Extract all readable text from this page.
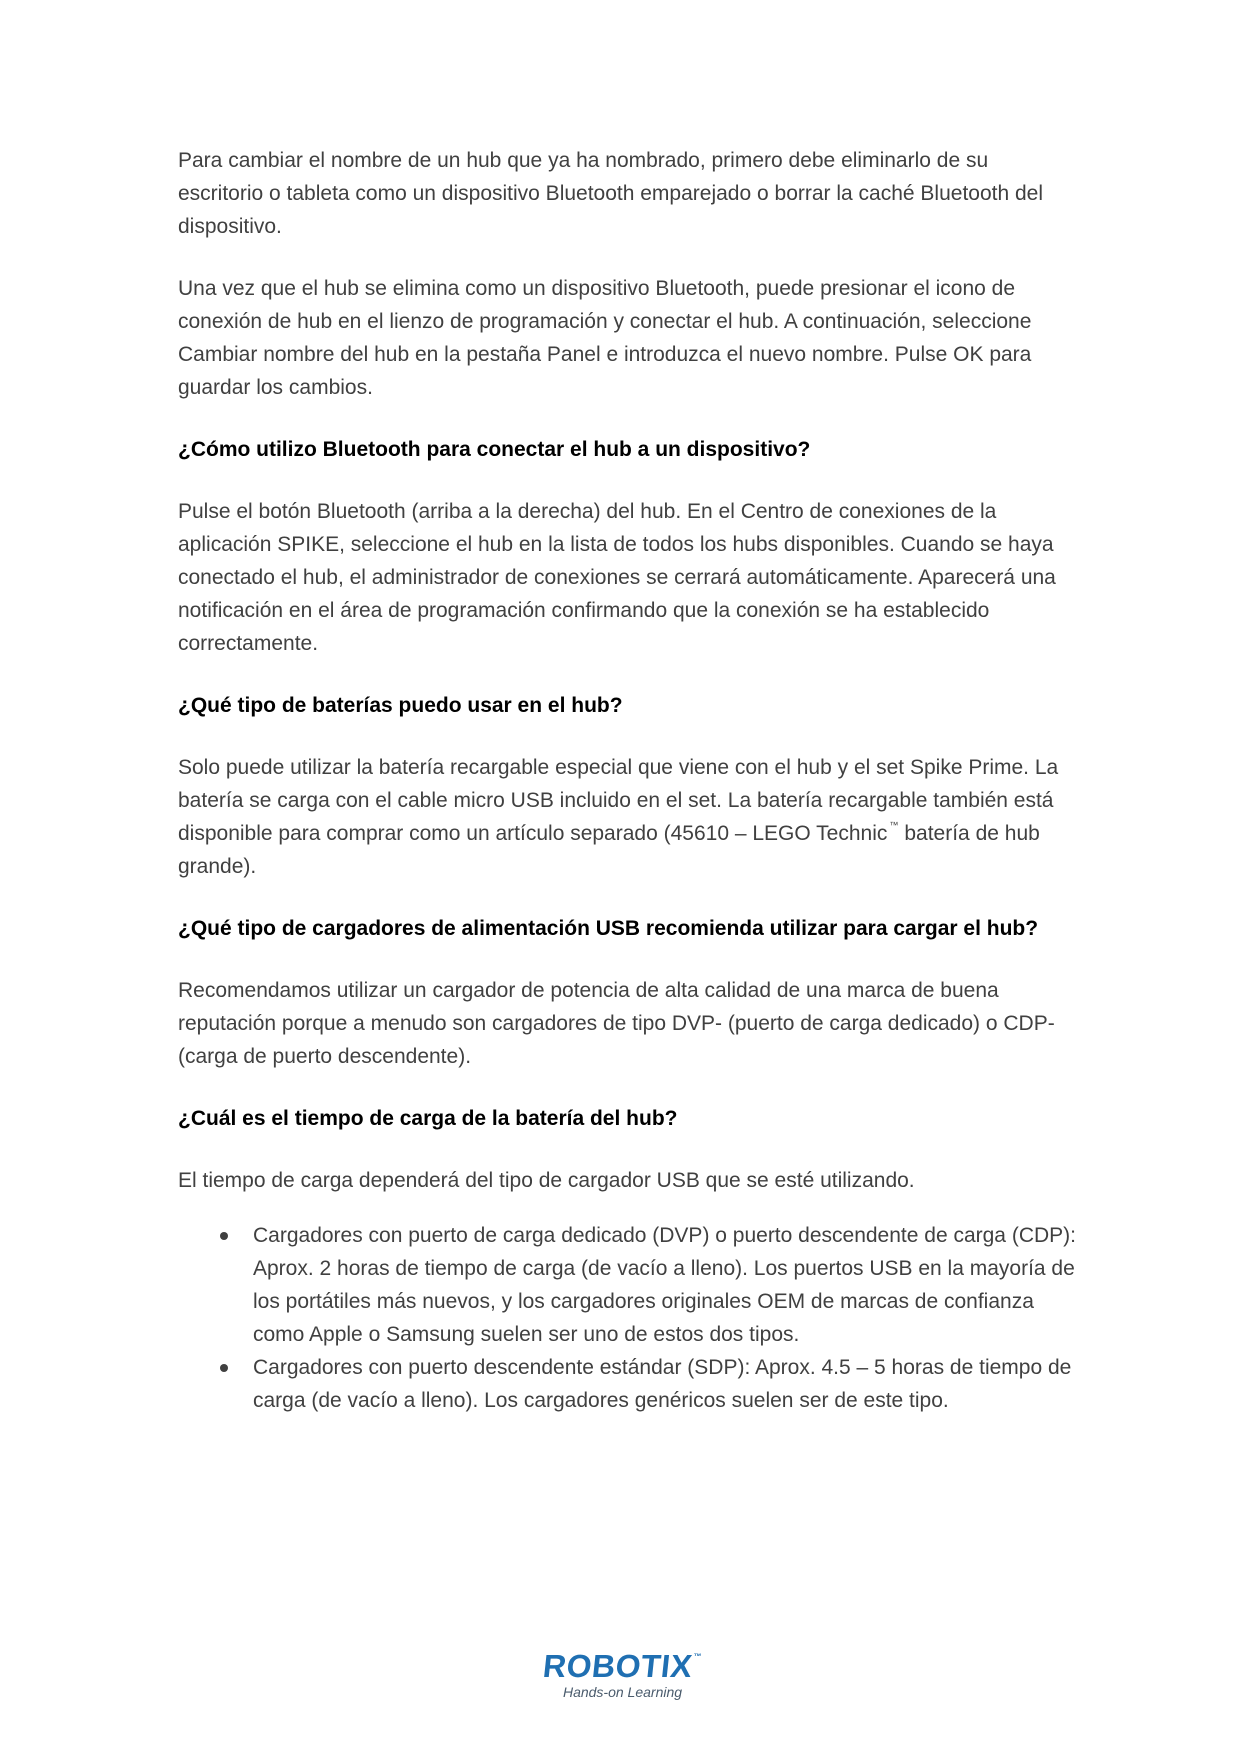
Para cambiar el nombre de un hub que ya ha nombrado, primero debe eliminarlo de su escritorio o tableta como un dispositivo Bluetooth emparejado o borrar la caché Bluetooth del dispositivo.

Una vez que el hub se elimina como un dispositivo Bluetooth, puede presionar el icono de conexión de hub en el lienzo de programación y conectar el hub. A continuación, seleccione Cambiar nombre del hub en la pestaña Panel e introduzca el nuevo nombre. Pulse OK para guardar los cambios.

¿Cómo utilizo Bluetooth para conectar el hub a un dispositivo?

Pulse el botón Bluetooth (arriba a la derecha) del hub. En el Centro de conexiones de la aplicación SPIKE, seleccione el hub en la lista de todos los hubs disponibles. Cuando se haya conectado el hub, el administrador de conexiones se cerrará automáticamente. Aparecerá una notificación en el área de programación confirmando que la conexión se ha establecido correctamente.

¿Qué tipo de baterías puedo usar en el hub?

Solo puede utilizar la batería recargable especial que viene con el hub y el set Spike Prime. La batería se carga con el cable micro USB incluido en el set. La batería recargable también está disponible para comprar como un artículo separado (45610 – LEGO Technic ™ batería de hub grande).

¿Qué tipo de cargadores de alimentación USB recomienda utilizar para cargar el hub?

Recomendamos utilizar un cargador de potencia de alta calidad de una marca de buena reputación porque a menudo son cargadores de tipo DVP- (puerto de carga dedicado) o CDP- (carga de puerto descendente).

¿Cuál es el tiempo de carga de la batería del hub?

El tiempo de carga dependerá del tipo de cargador USB que se esté utilizando.

Cargadores con puerto de carga dedicado (DVP) o puerto descendente de carga (CDP): Aprox. 2 horas de tiempo de carga (de vacío a lleno). Los puertos USB en la mayoría de los portátiles más nuevos, y los cargadores originales OEM de marcas de confianza como Apple o Samsung suelen ser uno de estos dos tipos.
Cargadores con puerto descendente estándar (SDP): Aprox. 4.5 – 5 horas de tiempo de carga (de vacío a lleno). Los cargadores genéricos suelen ser de este tipo.
ROBOTIX™
Hands-on Learning
